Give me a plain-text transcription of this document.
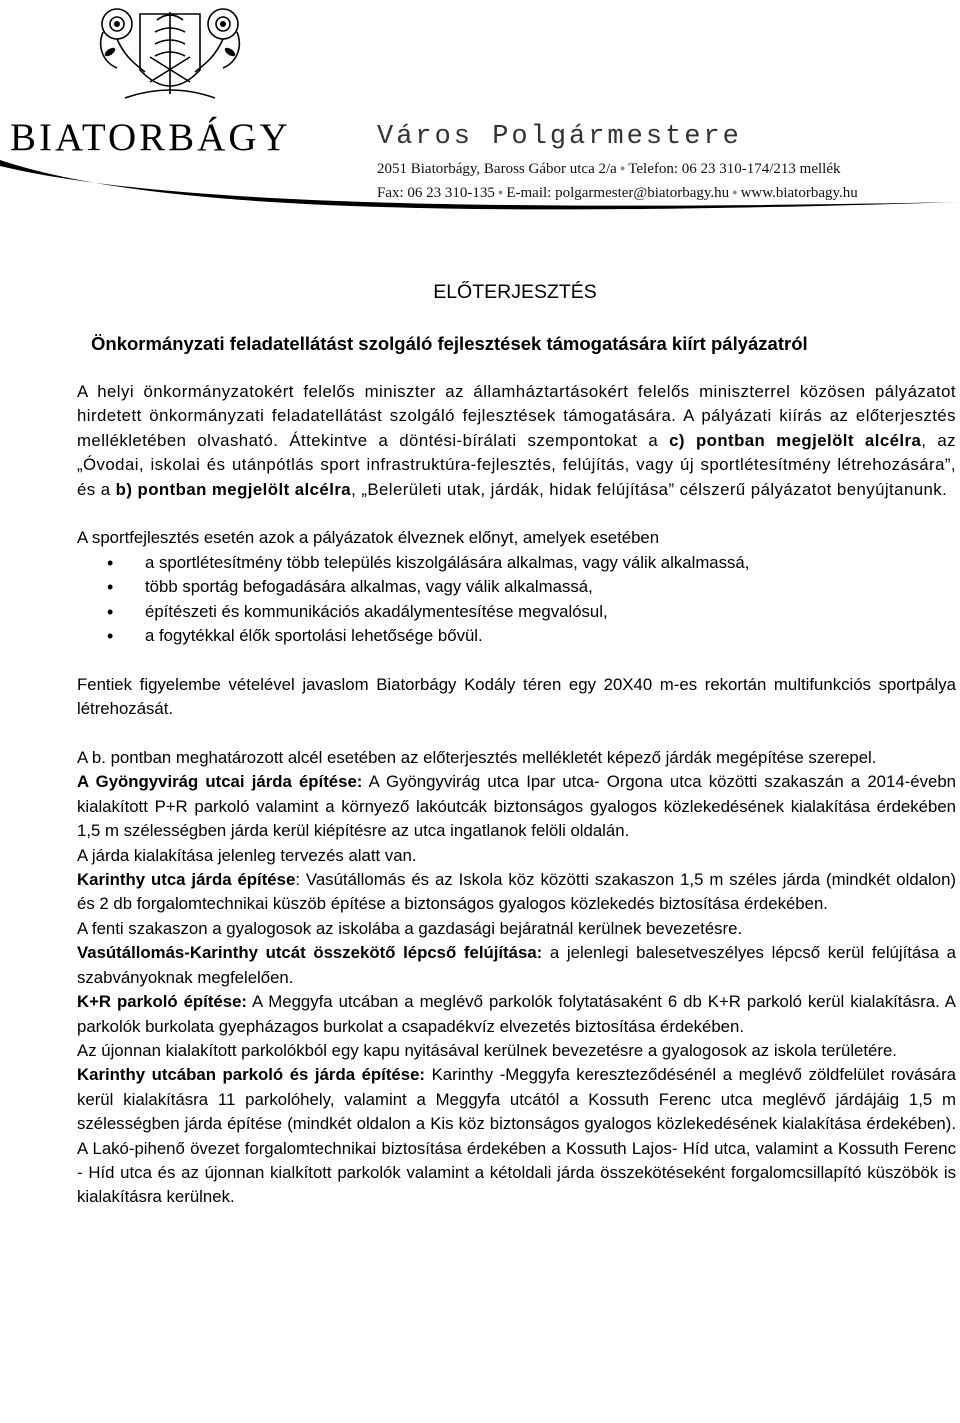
BIATORBÁGY	Város Polgármestere
2051 Biatorbágy, Baross Gábor utca 2/a ● Telefon: 06 23 310-174/213 mellék
Fax: 06 23 310-135 ● E-mail: polgarmester@biatorbagy.hu ● www.biatorbagy.hu
ELŐTERJESZTÉS
Önkormányzati feladatellátást szolgáló fejlesztések támogatására kiírt pályázatról

A helyi önkormányzatokért felelős miniszter az államháztartásokért felelős miniszterrel közösen pályázatot hirdetett önkormányzati feladatellátást szolgáló fejlesztések támogatására. A pályázati kiírás az előterjesztés mellékletében olvasható. Áttekintve a döntési-bírálati szempontokat a c) pontban megjelölt alcélra, az „Óvodai, iskolai és utánpótlás sport infrastruktúra-fejlesztés, felújítás, vagy új sportlétesítmény létrehozására”, és a b) pontban megjelölt alcélra, „Belerületi utak, járdák, hidak felújítása” célszerű pályázatot benyújtanunk.

A sportfejlesztés esetén azok a pályázatok élveznek előnyt, amelyek esetében

• a sportlétesítmény több település kiszolgálására alkalmas, vagy válik alkalmassá,
• több sportág befogadására alkalmas, vagy válik alkalmassá,
• építészeti és kommunikációs akadálymentesítése megvalósul,
• a fogytékkal élők sportolási lehetősége bővül.

Fentiek figyelembe vételével javaslom Biatorbágy Kodály téren egy 20X40 m-es rekortán multifunkciós sportpálya létrehozását.

A b. pontban meghatározott alcél esetében az előterjesztés mellékletét képező járdák megépítése szerepel.

A Gyöngyvirág utcai járda építése: A Gyöngyvirág utca Ipar utca- Orgona utca közötti szakaszán a 2014-évebn kialakított P+R parkoló valamint a környező lakóutcák biztonságos gyalogos közlekedésének kialakítása érdekében 1,5 m szélességben járda kerül kiépítésre az utca ingatlanok felöli oldalán.

A járda kialakítása jelenleg tervezés alatt van.

Karinthy utca járda építése: Vasútállomás és az Iskola köz közötti szakaszon 1,5 m széles járda (mindkét oldalon) és 2 db forgalomtechnikai küszöb építése a biztonságos gyalogos közlekedés biztosítása érdekében.

A fenti szakaszon a gyalogosok az iskolába a gazdasági bejáratnál kerülnek bevezetésre.

Vasútállomás-Karinthy utcát összekötő lépcső felújítása: a jelenlegi balesetveszélyes lépcső kerül felújítása a szabványoknak megfelelően.

K+R parkoló építése: A Meggyfa utcában a meglévő parkolók folytatásaként 6 db K+R parkoló kerül kialakításra. A parkolók burkolata gyepházagos burkolat a csapadékvíz elvezetés biztosítása érdekében.

Az újonnan kialakított parkolókból egy kapu nyitásával kerülnek bevezetésre a gyalogosok az iskola területére.

Karinthy utcában parkoló és járda építése: Karinthy -Meggyfa kereszteződésénél a meglévő zöldfelület rovására kerül kialakításra 11 parkolóhely, valamint a Meggyfa utcától a Kossuth Ferenc utca meglévő járdájáig 1,5 m szélességben járda építése (mindkét oldalon a Kis köz biztonságos gyalogos közlekedésének kialakítása érdekében). A Lakó-pihenő övezet forgalomtechnikai biztosítása érdekében a Kossuth Lajos- Híd utca, valamint a Kossuth Ferenc - Híd utca és az újonnan kialkított parkolók valamint a kétoldali járda összekötéseként forgalomcsillapító küszöbök is kialakításra kerülnek.
